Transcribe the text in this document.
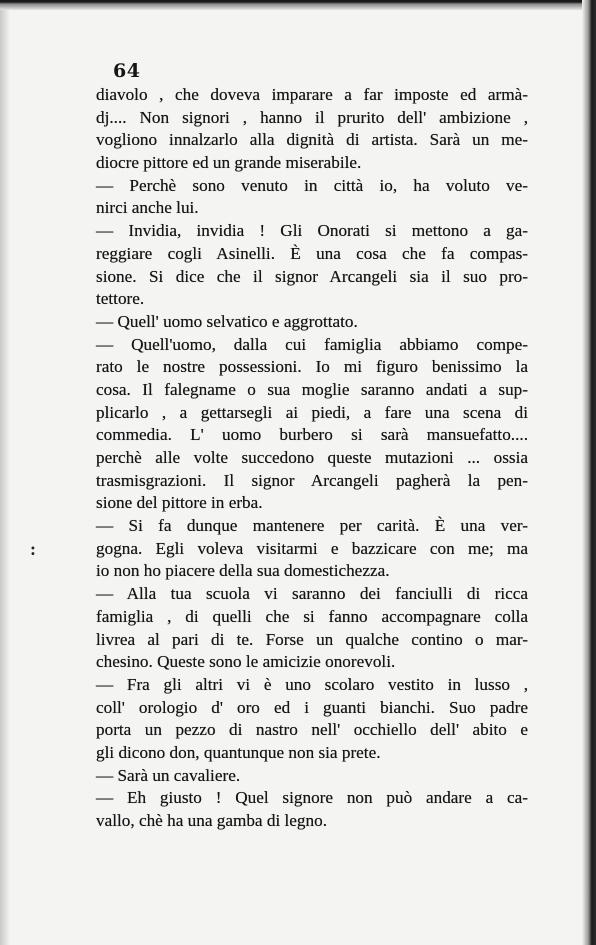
64
:
diavolo , che doveva imparare a far imposte ed armà-
dj.... Non signori , hanno il prurito dell' ambizione ,
vogliono innalzarlo alla dignità di artista. Sarà un me-
diocre pittore ed un grande miserabile.
— Perchè sono venuto in città io, ha voluto ve-
nirci anche lui.
— Invidia, invidia ! Gli Onorati si mettono a ga-
reggiare cogli Asinelli. È una cosa che fa compas-
sione. Si dice che il signor Arcangeli sia il suo pro-
tettore.
— Quell' uomo selvatico e aggrottato.
— Quell'uomo, dalla cui famiglia abbiamo compe-
rato le nostre possessioni. Io mi figuro benissimo la
cosa. Il falegname o sua moglie saranno andati a sup-
plicarlo , a gettarsegli ai piedi, a fare una scena di
commedia. L' uomo burbero si sarà mansuefatto....
perchè alle volte succedono queste mutazioni ... ossia
trasmisgrazioni. Il signor Arcangeli pagherà la pen-
sione del pittore in erba.
— Si fa dunque mantenere per carità. È una ver-
gogna. Egli voleva visitarmi e bazzicare con me; ma
io non ho piacere della sua domestichezza.
— Alla tua scuola vi saranno dei fanciulli di ricca
famiglia , di quelli che si fanno accompagnare colla
livrea al pari di te. Forse un qualche contino o mar-
chesino. Queste sono le amicizie onorevoli.
— Fra gli altri vi è uno scolaro vestito in lusso ,
coll' orologio d' oro ed i guanti bianchi. Suo padre
porta un pezzo di nastro nell' occhiello dell' abito e
gli dicono don, quantunque non sia prete.
— Sarà un cavaliere.
— Eh giusto ! Quel signore non può andare a ca-
vallo, chè ha una gamba di legno.
